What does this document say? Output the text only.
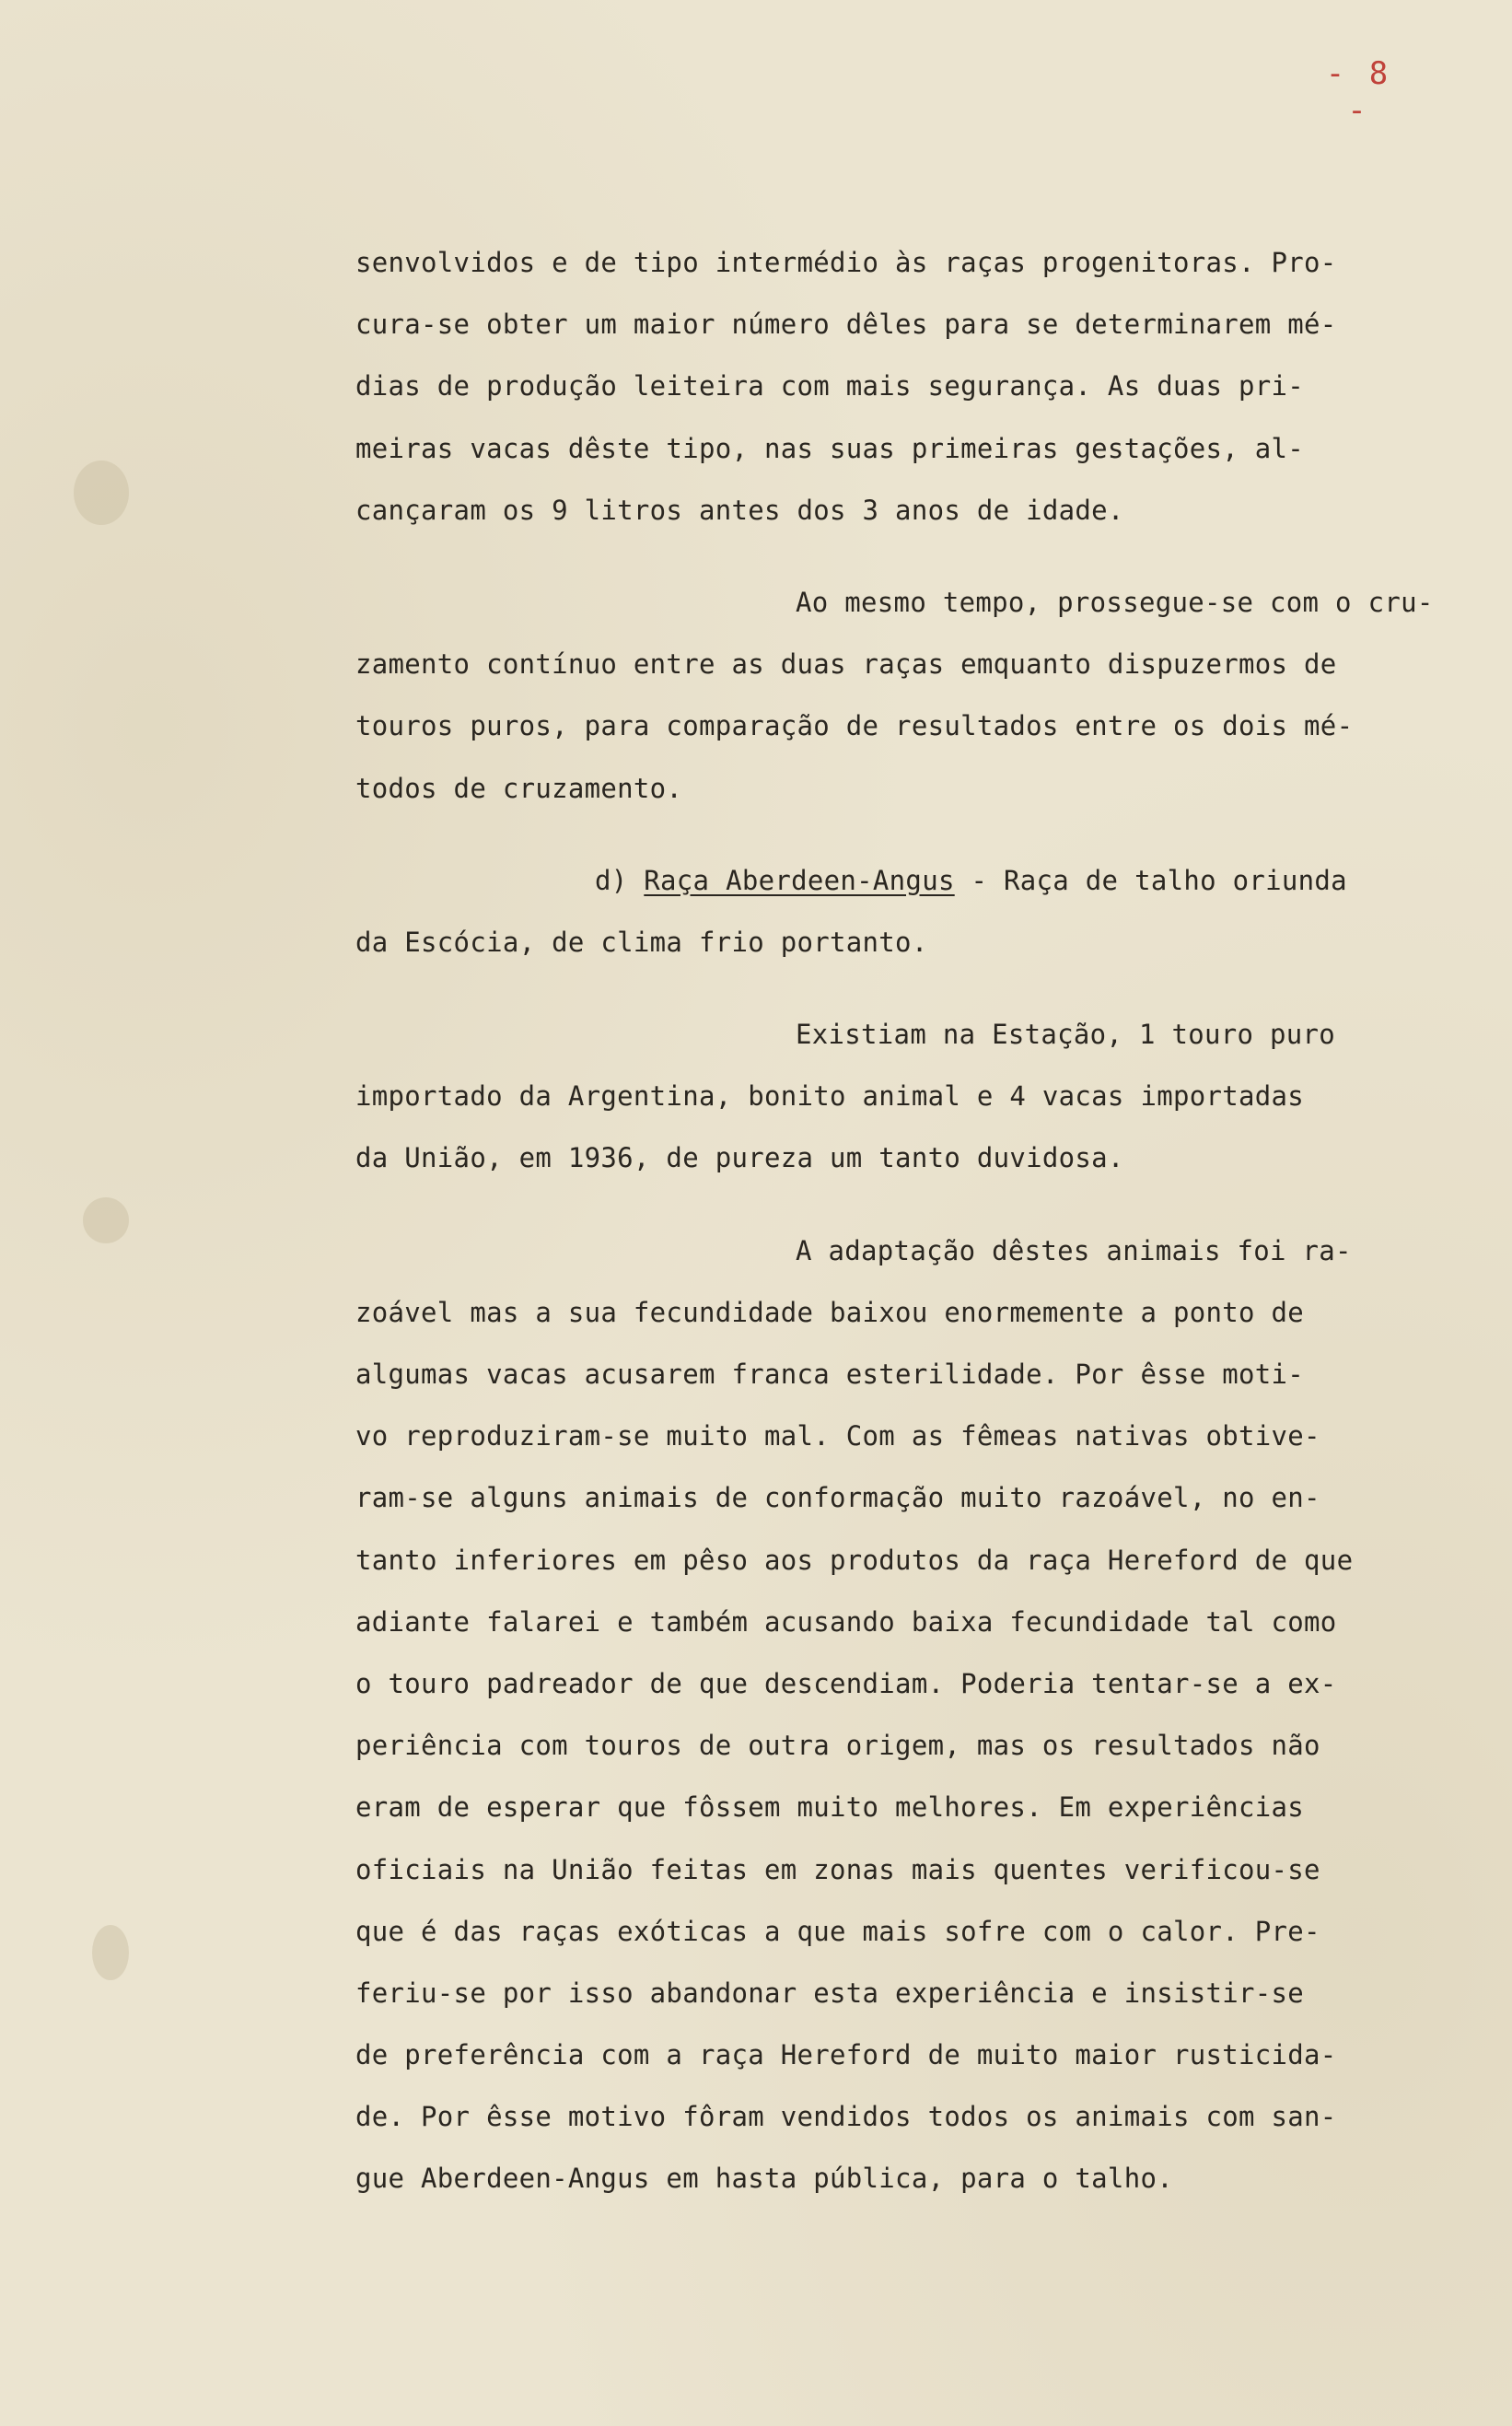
- 8 -
senvolvidos e de tipo intermédio às raças progenitoras. Pro-
cura-se obter um maior número dêles para se determinarem mé-
dias de produção leiteira com mais segurança. As duas pri-
meiras vacas dêste tipo, nas suas primeiras gestações, al-
cançaram os 9 litros antes dos 3 anos de idade.
Ao mesmo tempo, prossegue-se com o cru-
zamento contínuo entre as duas raças emquanto dispuzermos de
touros puros, para comparação de resultados entre os dois mé-
todos de cruzamento.
d) Raça Aberdeen-Angus - Raça de talho oriunda
da Escócia, de clima frio portanto.
Existiam na Estação, 1 touro puro
importado da Argentina, bonito animal e 4 vacas importadas
da União, em 1936, de pureza um tanto duvidosa.
A adaptação dêstes animais foi ra-
zoável mas a sua fecundidade baixou enormemente a ponto de
algumas vacas acusarem franca esterilidade. Por êsse moti-
vo reproduziram-se muito mal. Com as fêmeas nativas obtive-
ram-se alguns animais de conformação muito razoável, no en-
tanto inferiores em pêso aos produtos da raça Hereford de que
adiante falarei e também acusando baixa fecundidade tal como
o touro padreador de que descendiam. Poderia tentar-se a ex-
periência com touros de outra origem, mas os resultados não
eram de esperar que fôssem muito melhores. Em experiências
oficiais na União feitas em zonas mais quentes verificou-se
que é das raças exóticas a que mais sofre com o calor. Pre-
feriu-se por isso abandonar esta experiência e insistir-se
de preferência com a raça Hereford de muito maior rusticida-
de. Por êsse motivo fôram vendidos todos os animais com san-
gue Aberdeen-Angus em hasta pública, para o talho.
